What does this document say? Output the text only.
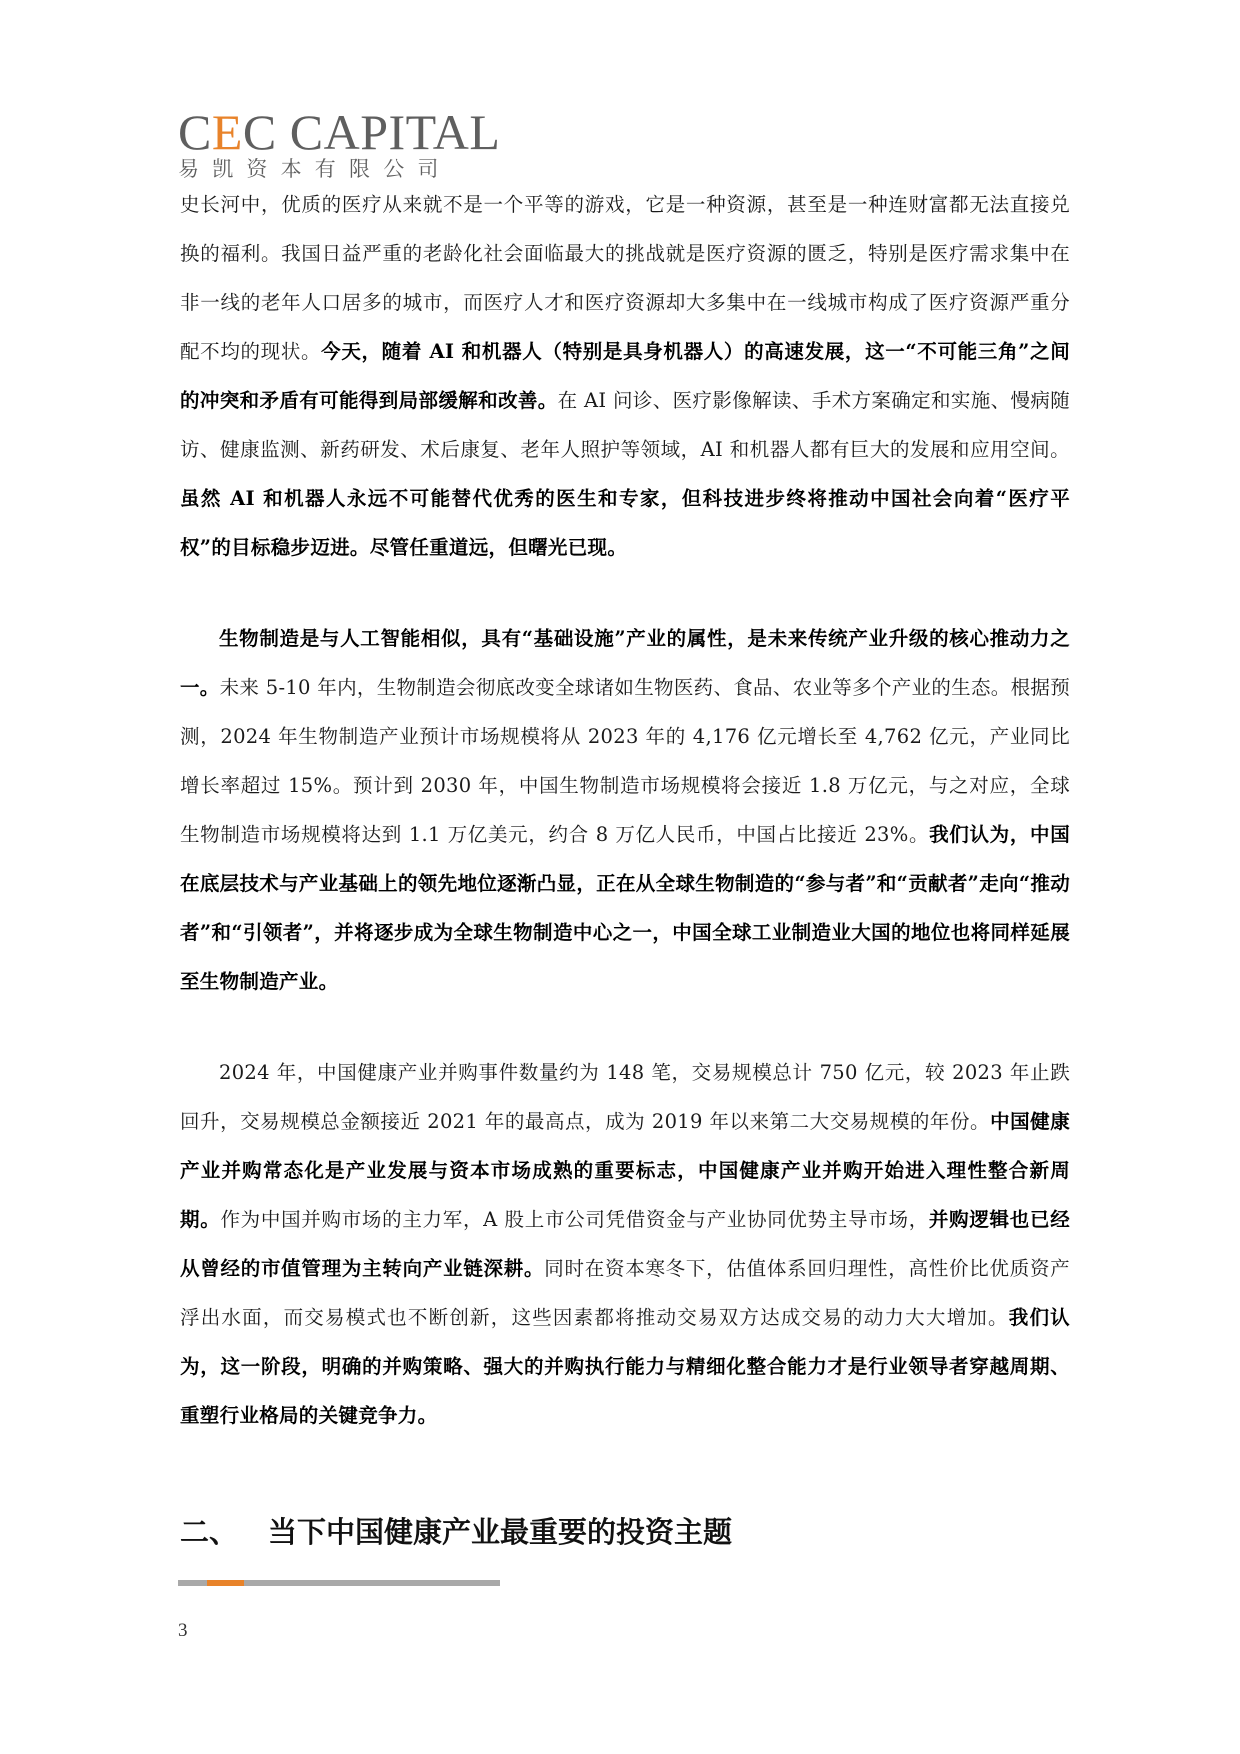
CEC CAPITAL
易凯资本有限公司

史长河中，优质的医疗从来就不是一个平等的游戏，它是一种资源，甚至是一种连财富都无法直接兑换的福利。我国日益严重的老龄化社会面临最大的挑战就是医疗资源的匮乏，特别是医疗需求集中在非一线的老年人口居多的城市，而医疗人才和医疗资源却大多集中在一线城市构成了医疗资源严重分配不均的现状。今天，随着 AI 和机器人（特别是具身机器人）的高速发展，这一“不可能三角”之间的冲突和矛盾有可能得到局部缓解和改善。在 AI 问诊、医疗影像解读、手术方案确定和实施、慢病随访、健康监测、新药研发、术后康复、老年人照护等领域，AI 和机器人都有巨大的发展和应用空间。虽然 AI 和机器人永远不可能替代优秀的医生和专家，但科技进步终将推动中国社会向着“医疗平权”的目标稳步迈进。尽管任重道远，但曙光已现。

生物制造是与人工智能相似，具有“基础设施”产业的属性，是未来传统产业升级的核心推动力之一。未来 5-10 年内，生物制造会彻底改变全球诸如生物医药、食品、农业等多个产业的生态。根据预测，2024 年生物制造产业预计市场规模将从 2023 年的 4,176 亿元增长至 4,762 亿元，产业同比增长率超过 15%。预计到 2030 年，中国生物制造市场规模将会接近 1.8 万亿元，与之对应，全球生物制造市场规模将达到 1.1 万亿美元，约合 8 万亿人民币，中国占比接近 23%。我们认为，中国在底层技术与产业基础上的领先地位逐渐凸显，正在从全球生物制造的“参与者”和“贡献者”走向“推动者”和“引领者”，并将逐步成为全球生物制造中心之一，中国全球工业制造业大国的地位也将同样延展至生物制造产业。

2024 年，中国健康产业并购事件数量约为 148 笔，交易规模总计 750 亿元，较 2023 年止跌回升，交易规模总金额接近 2021 年的最高点，成为 2019 年以来第二大交易规模的年份。中国健康产业并购常态化是产业发展与资本市场成熟的重要标志，中国健康产业并购开始进入理性整合新周期。作为中国并购市场的主力军，A 股上市公司凭借资金与产业协同优势主导市场，并购逻辑也已经从曾经的市值管理为主转向产业链深耕。同时在资本寒冬下，估值体系回归理性，高性价比优质资产浮出水面，而交易模式也不断创新，这些因素都将推动交易双方达成交易的动力大大增加。我们认为，这一阶段，明确的并购策略、强大的并购执行能力与精细化整合能力才是行业领导者穿越周期、重塑行业格局的关键竞争力。

二、 当下中国健康产业最重要的投资主题
3
